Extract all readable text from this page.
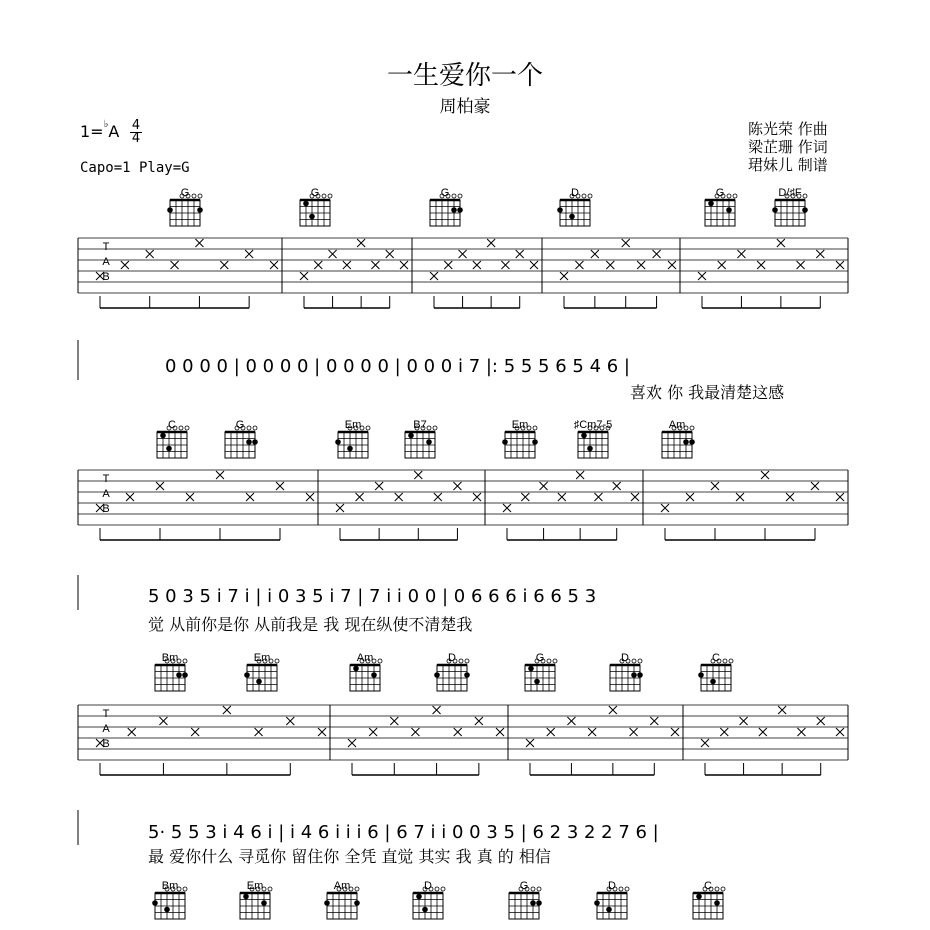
一生爱你一个
周柏豪
1=♭A 4
4
Capo=1 Play=G
陈光荣 作曲
梁芷珊 作词
珺妹儿 制谱
T
A
B
G	G	G	D	G	D/♯F
0 0 0 0 | 0 0 0 0 | 0 0 0 0 | 0 0 0 i̇ 7 |: 5 5 5 6 5 4 6 |
喜欢 你 我最清楚这感
T
A
B
C	G	Em	B7	Em	♯Cm7-5	Am
5 0 3 5 i̇ 7 i̇ | i̇ 0 3 5 i̇ 7 | 7 i̇ i̇ 0 0 | 0 6 6 6 i̇ 6 6 5 3
觉 从前你是你 从前我是 我 现在纵使不清楚我
T
A
B
Bm	Em	Am	D	G	D	C
5· 5 5 3 i̇ 4 6 i̇ | i̇ 4 6 i̇ i̇ i̇ 6 | 6 7 i̇ i̇ 0 0 3 5 | 6 2 3 2 2 7 6 |
最 爱你什么 寻觅你 留住你 全凭 直觉 其实 我 真 的 相信
Bm	Em	Am	D	G	D	C
